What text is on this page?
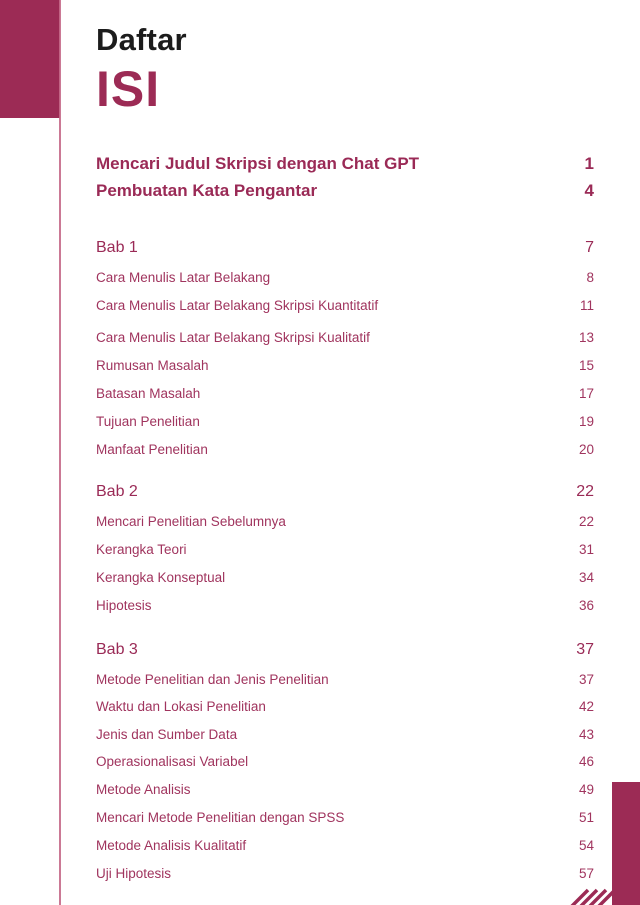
Daftar
ISI
Mencari Judul Skripsi dengan Chat GPT	1
Pembuatan Kata Pengantar	4
Bab 1	7
Cara Menulis Latar Belakang	8
Cara Menulis Latar Belakang Skripsi Kuantitatif	11
Cara Menulis Latar Belakang Skripsi Kualitatif	13
Rumusan Masalah	15
Batasan Masalah	17
Tujuan Penelitian	19
Manfaat Penelitian	20
Bab 2	22
Mencari Penelitian Sebelumnya	22
Kerangka Teori	31
Kerangka Konseptual	34
Hipotesis	36
Bab 3	37
Metode Penelitian dan Jenis Penelitian	37
Waktu dan Lokasi Penelitian	42
Jenis dan Sumber Data	43
Operasionalisasi Variabel	46
Metode Analisis	49
Mencari Metode Penelitian dengan SPSS	51
Metode Analisis Kualitatif	54
Uji Hipotesis	57
